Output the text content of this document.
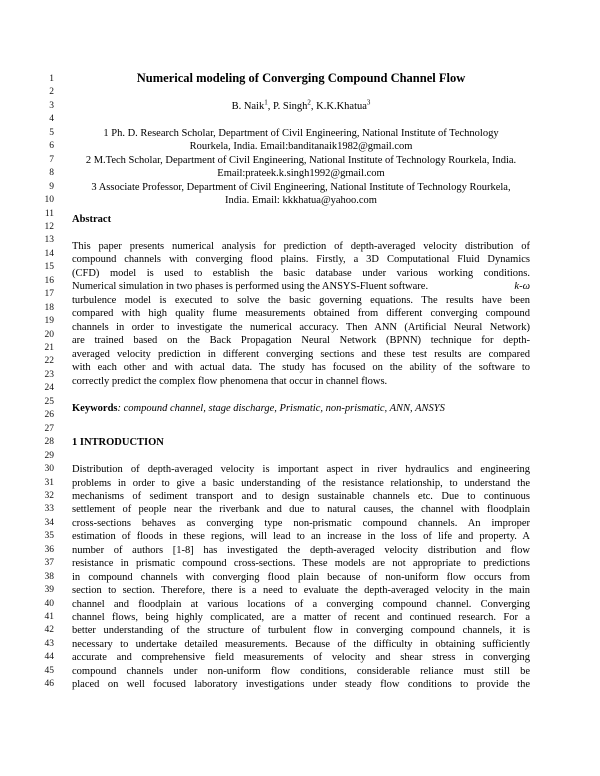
1
2
3
4
5
6
7
8
9
10
11
12
13
14
15
16
17
18
19
20
21
22
23
24
25
26
27
28
29
30
31
32
33
34
35
36
37
38
39
40
41
42
43
44
45
46
Numerical modeling of Converging Compound Channel Flow
B. Naik$^1$, P. Singh$^2$, K.K.Khatua$^3$
1 Ph. D. Research Scholar, Department of Civil Engineering, National Institute of Technology
Rourkela, India. Email:banditanaik1982@gmail.com
2 M.Tech Scholar, Department of Civil Engineering, National Institute of Technology Rourkela, India.
Email:prateek.k.singh1992@gmail.com
3 Associate Professor, Department of Civil Engineering, National Institute of Technology Rourkela,
India. Email: kkkhatua@yahoo.com
Abstract
This paper presents numerical analysis for prediction of depth-averaged velocity distribution of
compound channels with converging flood plains. Firstly, a 3D Computational Fluid Dynamics
(CFD) model is used to establish the basic database under various working conditions.
Numerical simulation in two phases is performed using the ANSYS-Fluent software.	k-ω
turbulence model is executed to solve the basic governing equations. The results have been
compared with high quality flume measurements obtained from different converging compound
channels in order to investigate the numerical accuracy. Then ANN (Artificial Neural Network)
are trained based on the Back Propagation Neural Network (BPNN) technique for depth-
averaged velocity prediction in different converging sections and these test results are compared
with each other and with actual data. The study has focused on the ability of the software to
correctly predict the complex flow phenomena that occur in channel flows.
Keywords: compound channel, stage discharge, Prismatic, non-prismatic, ANN, ANSYS
1 INTRODUCTION
Distribution of depth-averaged velocity is important aspect in river hydraulics and engineering
problems in order to give a basic understanding of the resistance relationship, to understand the
mechanisms of sediment transport and to design sustainable channels etc. Due to continuous
settlement of people near the riverbank and due to natural causes, the channel with floodplain
cross-sections behaves as converging type non-prismatic compound channels. An improper
estimation of floods in these regions, will lead to an increase in the loss of life and property. A
number of authors [1-8] has investigated the depth-averaged velocity distribution and flow
resistance in prismatic compound cross-sections. These models are not appropriate to predictions
in compound channels with converging flood plain because of non-uniform flow occurs from
section to section. Therefore, there is a need to evaluate the depth-averaged velocity in the main
channel and floodplain at various locations of a converging compound channel. Converging
channel flows, being highly complicated, are a matter of recent and continued research. For a
better understanding of the structure of turbulent flow in converging compound channels, it is
necessary to undertake detailed measurements. Because of the difficulty in obtaining sufficiently
accurate and comprehensive field measurements of velocity and shear stress in converging
compound channels under non-uniform flow conditions, considerable reliance must still be
placed on well focused laboratory investigations under steady flow conditions to provide the
